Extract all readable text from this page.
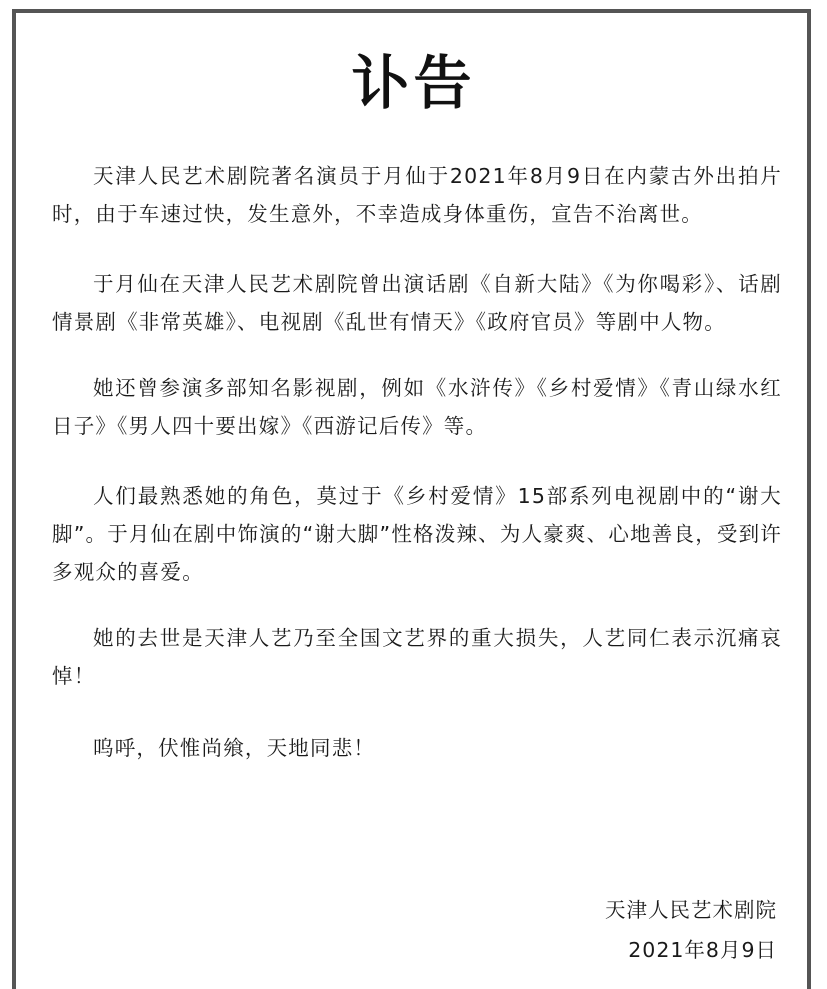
讣告

天津人民艺术剧院著名演员于月仙于2021年8月9日在内蒙古外出拍片时，由于车速过快，发生意外，不幸造成身体重伤，宣告不治离世。

于月仙在天津人民艺术剧院曾出演话剧《自新大陆》《为你喝彩》、话剧情景剧《非常英雄》、电视剧《乱世有情天》《政府官员》等剧中人物。

她还曾参演多部知名影视剧，例如《水浒传》《乡村爱情》《青山绿水红日子》《男人四十要出嫁》《西游记后传》等。

人们最熟悉她的角色，莫过于《乡村爱情》15部系列电视剧中的“谢大脚”。于月仙在剧中饰演的“谢大脚”性格泼辣、为人豪爽、心地善良，受到许多观众的喜爱。

她的去世是天津人艺乃至全国文艺界的重大损失，人艺同仁表示沉痛哀悼！

呜呼，伏惟尚飨，天地同悲！

天津人民艺术剧院
2021年8月9日
